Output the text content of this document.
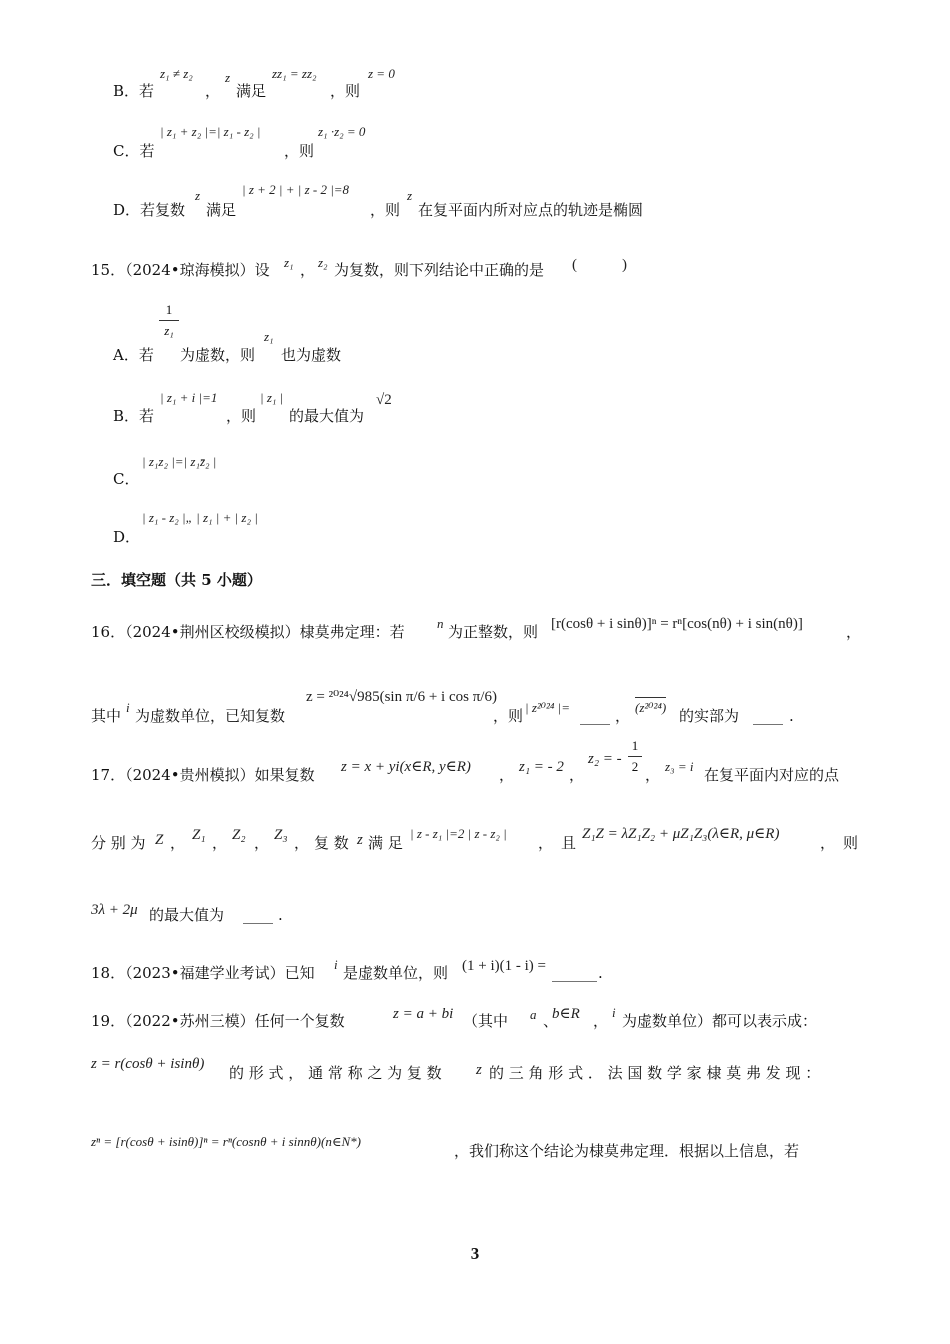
B．若
z₁ ≠ z₂
，
z
满足
zz₁ = zz₂
，则
z = 0
C．若
| z₁ + z₂ |=| z₁ - z₂ |
，则
z₁ ·z₂ = 0
D．若复数
z
满足
| z + 2 | + | z - 2 |=8
，则
z
在复平面内所对应点的轨迹是椭圆
15．（2024•琼海模拟）设 z₁ ， z₂ 为复数，则下列结论中正确的是 (　　　)
A．若
1
z₁
为虚数，则
z₁
也为虚数
B．若
| z₁ + i |=1
，则
| z₁ |
的最大值为
√2
C．
| z₁z₂ |=| z₁z̄₂ |
D．
| z₁ - z₂ |„ | z₁ | + | z₂ |
三．填空题（共 5 小题）
16．（2024•荆州区校级模拟）棣莫弗定理：若 n 为正整数，则 [r(cosθ + i sinθ)]ⁿ = rⁿ[cos(nθ) + i sin(nθ)]	，
其中 i 为虚数单位，已知复数
z = ²⁰²⁴√985(sin π/6 + i cos π/6)
，则 | z²⁰²⁴ |= ____ ， (z²⁰²⁴) 的实部为 ____ .
17．（2024•贵州模拟）如果复数 z = x + yi(x∈R, y∈R) ， z₁ = - 2 ，
z₂ = -
1
2 ， z₃ = i 在复平面内对应的点
分 别 为 Z ， Z₁ ， Z₂ ， Z₃ ， 复 数 z 满 足
| z - z₁ |=2 | z - z₂ |
， 且 Z₁Z = λZ₁Z₂ + μZ₁Z₃(λ∈R, μ∈R)	， 则
3λ + 2μ 的最大值为 ____ .
18．（2023•福建学业考试）已知 i 是虚数单位，则 (1 + i)(1 - i) = ______ .
19．（2022•苏州三模）任何一个复数	z = a + bi （其中 a 、
b∈R ， i 为虚数单位）都可以表示成：
z = r(cosθ + isinθ) 的 形 式 ， 通 常 称 之 为 复 数 z 的 三 角 形 式 ． 法 国 数 学 家 棣 莫 弗 发 现 ：
zⁿ = [r(cosθ + isinθ)]ⁿ = rⁿ(cosnθ + i sinnθ)(n∈N*)
，我们称这个结论为棣莫弗定理．根据以上信息，若
3
